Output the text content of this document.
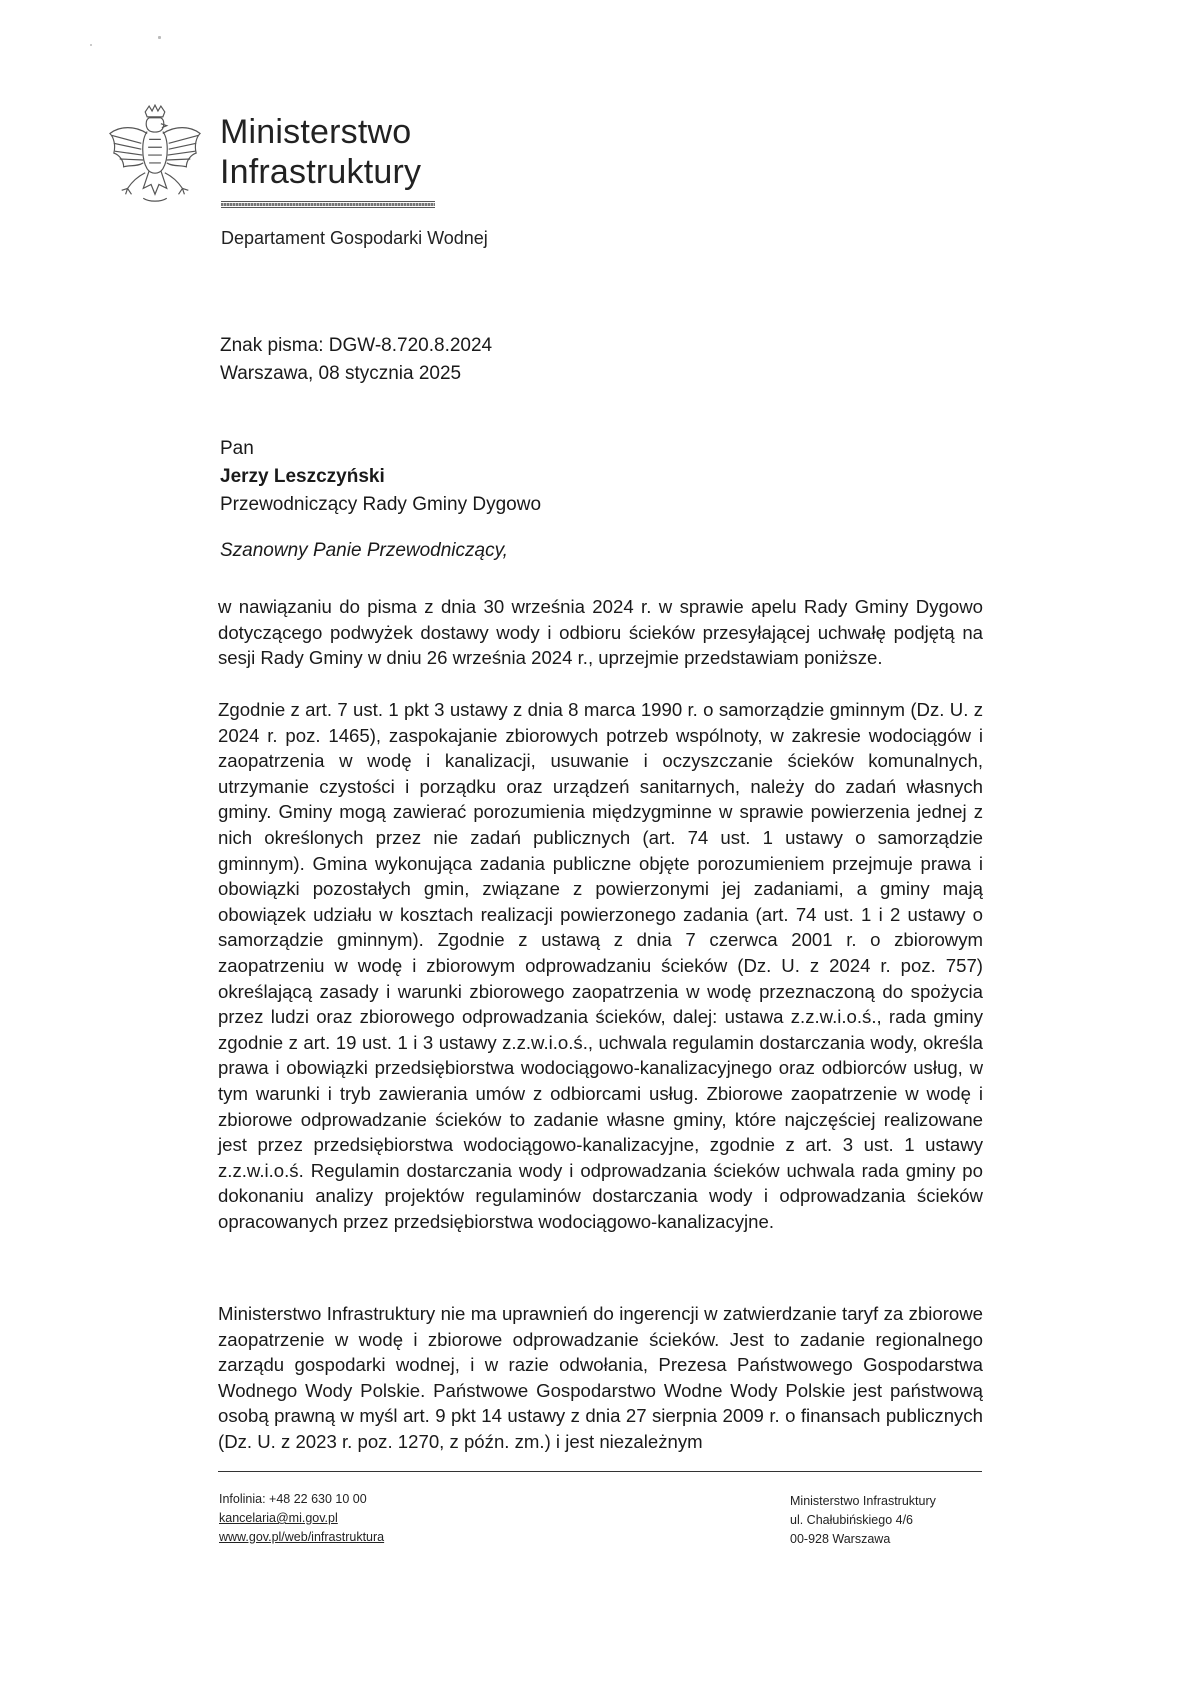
Ministerstwo
Infrastruktury
Departament Gospodarki Wodnej
Znak pisma: DGW-8.720.8.2024
Warszawa, 08 stycznia 2025
Pan
Jerzy Leszczyński
Przewodniczący Rady Gminy Dygowo
Szanowny Panie Przewodniczący,
w nawiązaniu do pisma z dnia 30 września 2024 r. w sprawie apelu Rady Gminy Dygowo dotyczącego podwyżek dostawy wody i odbioru ścieków przesyłającej uchwałę podjętą na sesji Rady Gminy w dniu 26 września 2024 r., uprzejmie przedstawiam poniższe.
Zgodnie z art. 7 ust. 1 pkt 3 ustawy z dnia 8 marca 1990 r. o samorządzie gminnym (Dz. U. z 2024 r. poz. 1465), zaspokajanie zbiorowych potrzeb wspólnoty, w zakresie wodociągów i zaopatrzenia w wodę i kanalizacji, usuwanie i oczyszczanie ścieków komunalnych, utrzymanie czystości i porządku oraz urządzeń sanitarnych, należy do zadań własnych gminy. Gminy mogą zawierać porozumienia międzygminne w sprawie powierzenia jednej z nich określonych przez nie zadań publicznych (art. 74 ust. 1 ustawy o samorządzie gminnym). Gmina wykonująca zadania publiczne objęte porozumieniem przejmuje prawa i obowiązki pozostałych gmin, związane z powierzonymi jej zadaniami, a gminy mają obowiązek udziału w kosztach realizacji powierzonego zadania (art. 74 ust. 1 i 2 ustawy o samorządzie gminnym). Zgodnie z ustawą z dnia 7 czerwca 2001 r. o zbiorowym zaopatrzeniu w wodę i zbiorowym odprowadzaniu ścieków (Dz. U. z 2024 r. poz. 757) określającą zasady i warunki zbiorowego zaopatrzenia w wodę przeznaczoną do spożycia przez ludzi oraz zbiorowego odprowadzania ścieków, dalej: ustawa z.z.w.i.o.ś., rada gminy zgodnie z art. 19 ust. 1 i 3 ustawy z.z.w.i.o.ś., uchwala regulamin dostarczania wody, określa prawa i obowiązki przedsiębiorstwa wodociągowo-kanalizacyjnego oraz odbiorców usług, w tym warunki i tryb zawierania umów z odbiorcami usług. Zbiorowe zaopatrzenie w wodę i zbiorowe odprowadzanie ścieków to zadanie własne gminy, które najczęściej realizowane jest przez przedsiębiorstwa wodociągowo-kanalizacyjne, zgodnie z art. 3 ust. 1 ustawy z.z.w.i.o.ś. Regulamin dostarczania wody i odprowadzania ścieków uchwala rada gminy po dokonaniu analizy projektów regulaminów dostarczania wody i odprowadzania ścieków opracowanych przez przedsiębiorstwa wodociągowo-kanalizacyjne.
Ministerstwo Infrastruktury nie ma uprawnień do ingerencji w zatwierdzanie taryf za zbiorowe zaopatrzenie w wodę i zbiorowe odprowadzanie ścieków. Jest to zadanie regionalnego zarządu gospodarki wodnej, i w razie odwołania, Prezesa Państwowego Gospodarstwa Wodnego Wody Polskie. Państwowe Gospodarstwo Wodne Wody Polskie jest państwową osobą prawną w myśl art. 9 pkt 14 ustawy z dnia 27 sierpnia 2009 r. o finansach publicznych (Dz. U. z 2023 r. poz. 1270, z późn. zm.) i jest niezależnym
Infolinia: +48 22 630 10 00
kancelaria@mi.gov.pl
www.gov.pl/web/infrastruktura
Ministerstwo Infrastruktury
ul. Chałubińskiego 4/6
00-928 Warszawa
